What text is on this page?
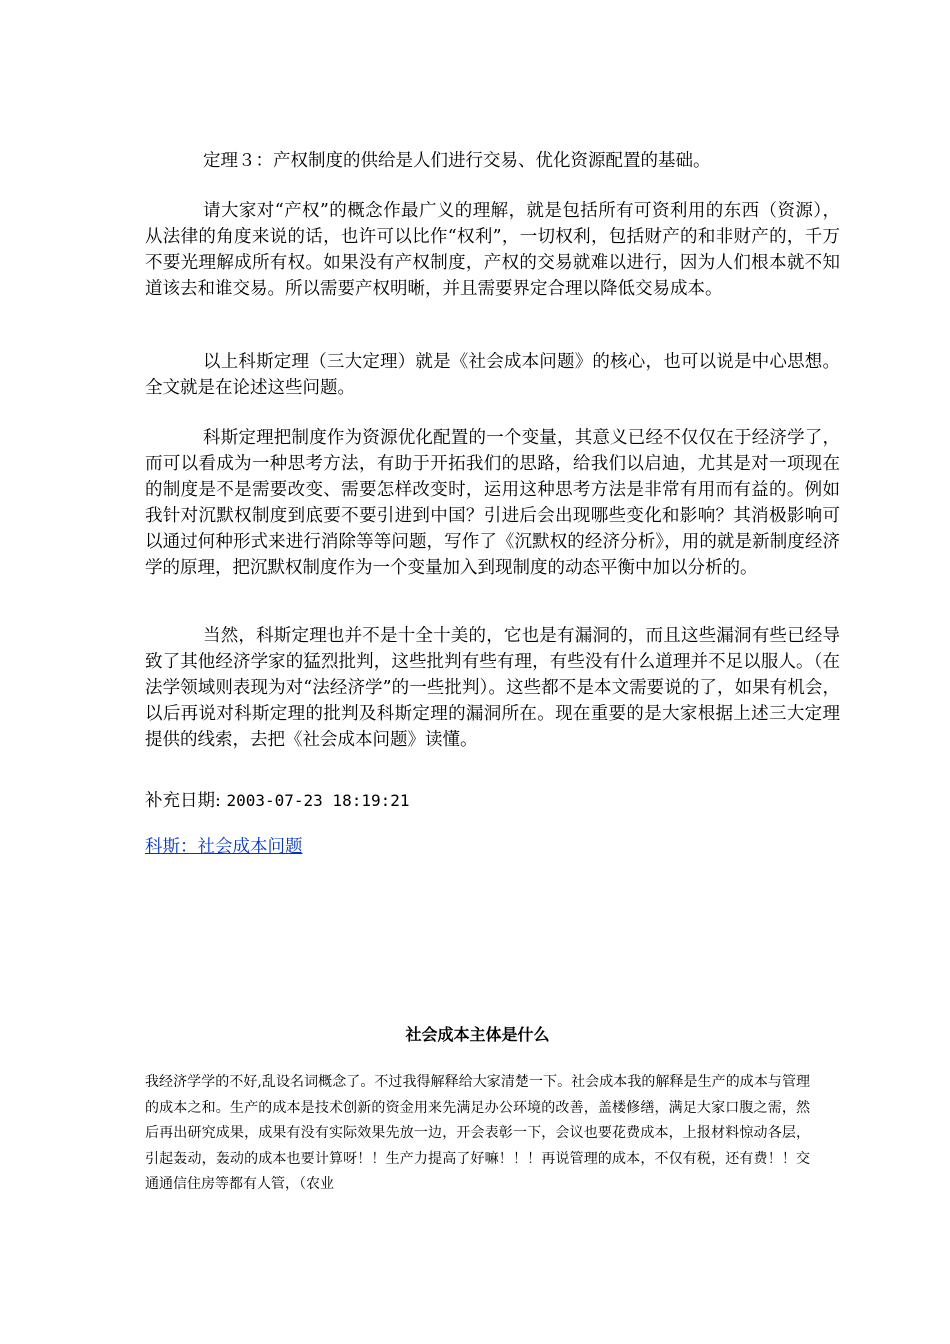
定理３：产权制度的供给是人们进行交易、优化资源配置的基础。

请大家对“产权”的概念作最广义的理解，就是包括所有可资利用的东西（资源），从法律的角度来说的话，也许可以比作“权利”，一切权利，包括财产的和非财产的，千万不要光理解成所有权。如果没有产权制度，产权的交易就难以进行，因为人们根本就不知道该去和谁交易。所以需要产权明晰，并且需要界定合理以降低交易成本。

以上科斯定理（三大定理）就是《社会成本问题》的核心，也可以说是中心思想。全文就是在论述这些问题。

科斯定理把制度作为资源优化配置的一个变量，其意义已经不仅仅在于经济学了，而可以看成为一种思考方法，有助于开拓我们的思路，给我们以启迪，尤其是对一项现在的制度是不是需要改变、需要怎样改变时，运用这种思考方法是非常有用而有益的。例如我针对沉默权制度到底要不要引进到中国？引进后会出现哪些变化和影响？其消极影响可以通过何种形式来进行消除等等问题，写作了《沉默权的经济分析》，用的就是新制度经济学的原理，把沉默权制度作为一个变量加入到现制度的动态平衡中加以分析的。

当然，科斯定理也并不是十全十美的，它也是有漏洞的，而且这些漏洞有些已经导致了其他经济学家的猛烈批判，这些批判有些有理，有些没有什么道理并不足以服人。（在法学领域则表现为对“法经济学”的一些批判）。这些都不是本文需要说的了，如果有机会，以后再说对科斯定理的批判及科斯定理的漏洞所在。现在重要的是大家根据上述三大定理提供的线索，去把《社会成本问题》读懂。

补充日期: 2003-07-23 18:19:21
科斯：社会成本问题
社会成本主体是什么

我经济学学的不好,乱设名词概念了。不过我得解释给大家清楚一下。社会成本我的解释是生产的成本与管理的成本之和。生产的成本是技术创新的资金用来先满足办公环境的改善，盖楼修缮，满足大家口腹之需，然后再出研究成果，成果有没有实际效果先放一边，开会表彰一下，会议也要花费成本，上报材料惊动各层，引起轰动，轰动的成本也要计算呀！！生产力提高了好嘛！！！再说管理的成本，不仅有税，还有费！！交通通信住房等都有人管，（农业
